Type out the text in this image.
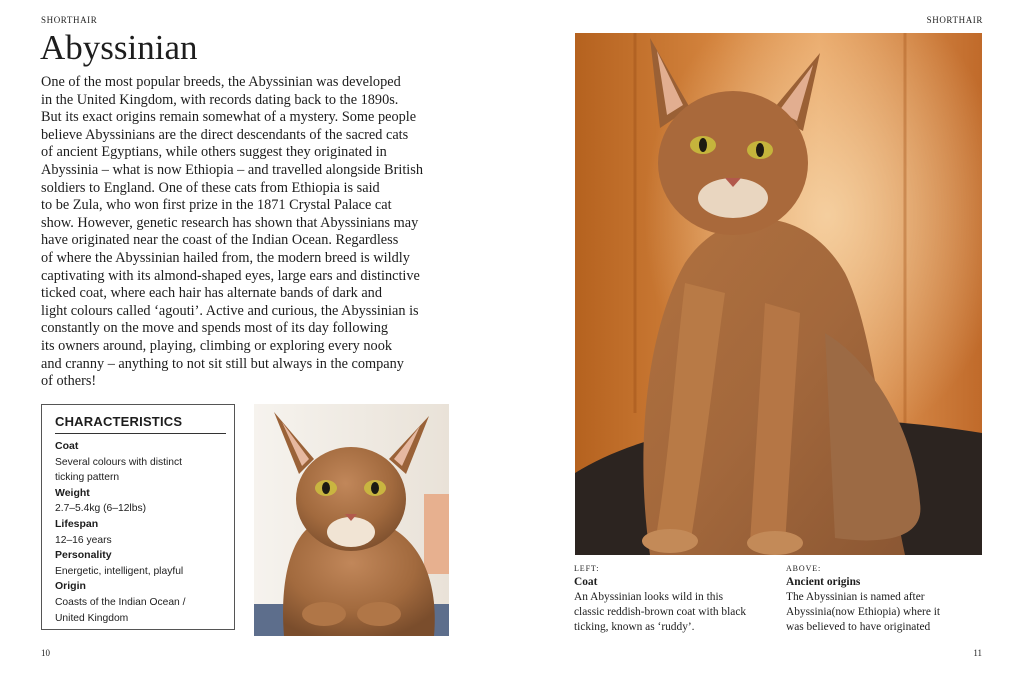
SHORTHAIR
Abyssinian

One of the most popular breeds, the Abyssinian was developed
in the United Kingdom, with records dating back to the 1890s.
But its exact origins remain somewhat of a mystery. Some people
believe Abyssinians are the direct descendants of the sacred cats
of ancient Egyptians, while others suggest they originated in
Abyssinia – what is now Ethiopia – and travelled alongside British
soldiers to England. One of these cats from Ethiopia is said
to be Zula, who won first prize in the 1871 Crystal Palace cat
show. However, genetic research has shown that Abyssinians may
have originated near the coast of the Indian Ocean. Regardless
of where the Abyssinian hailed from, the modern breed is wildly
captivating with its almond-shaped eyes, large ears and distinctive
ticked coat, where each hair has alternate bands of dark and
light colours called ‘agouti’. Active and curious, the Abyssinian is
constantly on the move and spends most of its day following
its owners around, playing, climbing or exploring every nook
and cranny – anything to not sit still but always in the company
of others!

CHARACTERISTICS
Coat
Several colours with distinct
ticking pattern
Weight
2.7–5.4kg (6–12lbs)
Lifespan
12–16 years
Personality
Energetic, intelligent, playful
Origin
Coasts of the Indian Ocean /
United Kingdom
10
SHORTHAIR
LEFT:
Coat
An Abyssinian looks wild in this
classic reddish-brown coat with black
ticking, known as ‘ruddy’.
ABOVE:
Ancient origins
The Abyssinian is named after
Abyssinia(now Ethiopia) where it
was believed to have originated
11
